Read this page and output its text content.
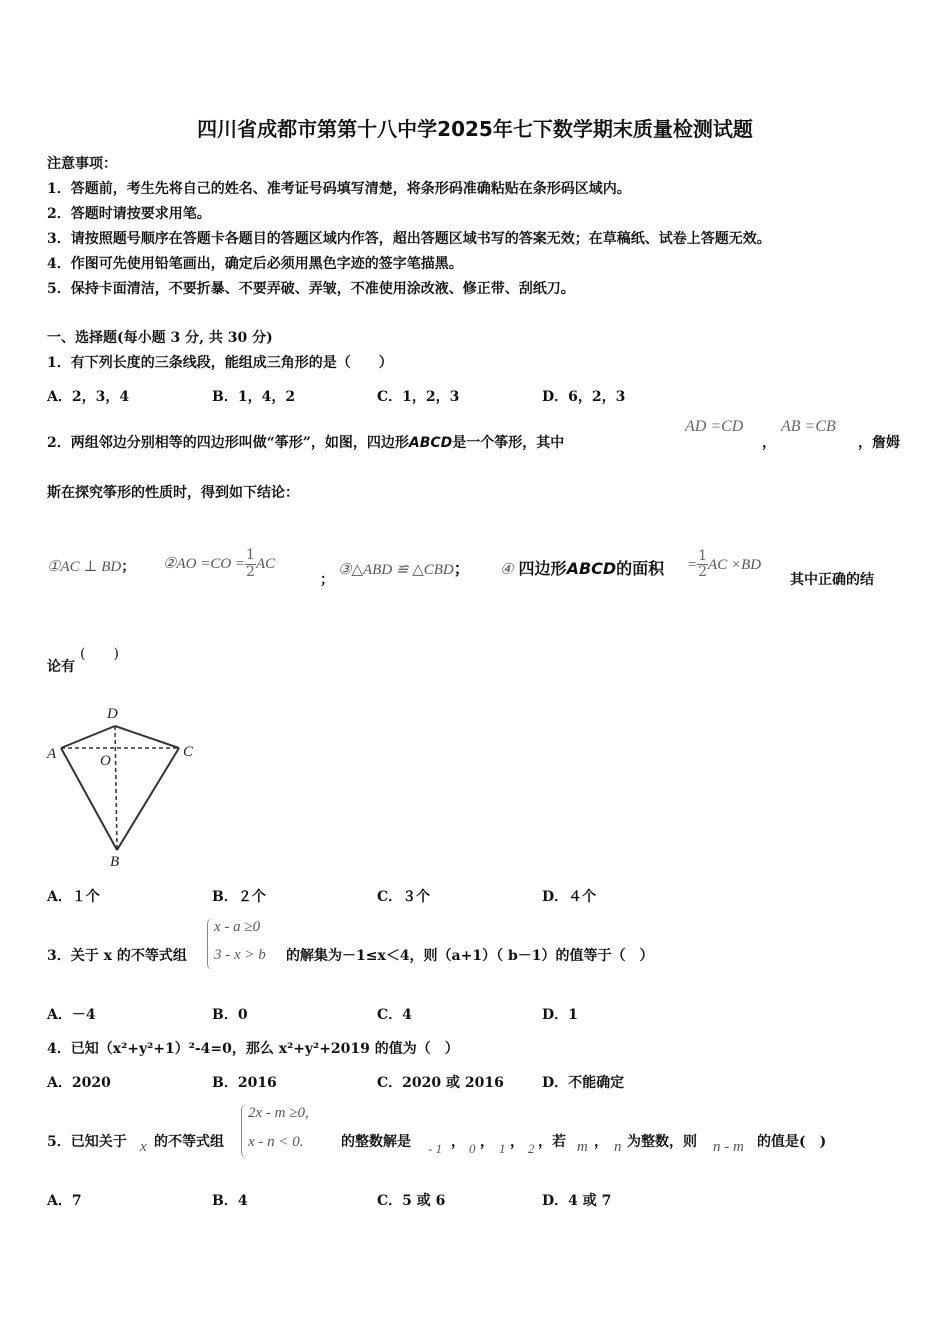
四川省成都市第第十八中学2025年七下数学期末质量检测试题
注意事项：
1．答题前，考生先将自己的姓名、准考证号码填写清楚，将条形码准确粘贴在条形码区域内。
2．答题时请按要求用笔。
3．请按照题号顺序在答题卡各题目的答题区域内作答，超出答题区域书写的答案无效；在草稿纸、试卷上答题无效。
4．作图可先使用铅笔画出，确定后必须用黑色字迹的签字笔描黑。
5．保持卡面清洁，不要折暴、不要弄破、弄皱，不准使用涂改液、修正带、刮纸刀。
一、选择题(每小题 3 分, 共 30 分)
1．有下列长度的三条线段，能组成三角形的是（　　）
A．2，3，4	B．1，4，2	C．1，2，3	D．6，2，3
2．两组邻边分别相等的四边形叫做“筝形”，如图，四边形ABCD是一个筝形，其中
AD =CD
，
AB =CB
，詹姆
斯在探究筝形的性质时，得到如下结论：
①AC ⊥ BD； ②AO $=CO = \frac{1}{2}$ AC
；
③△ABD ≌ △CBD； ④ 四边形ABCD的面积 = $\frac{1}{2}$ AC ×BD
其中正确的结
论有
(　　)
A
D
C
O
B
A．１个	B．２个	C．３个	D．４个
3．关于 x 的不等式组
x - a ≥0
3 - x > b 的解集为－1≤x＜4，则（a+1）（ b－1）的值等于（　）
A．－4	B．0	C．4	D．1
4．已知（x²+y²+1）²-4=0，那么 x²+y²+2019 的值为（　）
A．2020	B．2016	C．2020 或 2016	D．不能确定
5．已知关于 x 的不等式组
2x - m ≥0,
x - n < 0.	的整数解是 - 1 ， 0 ， 1 ， 2 ，若 m ， n 为整数，则 n - m 的值是(　)
A．7	B．4	C．5 或 6	D．4 或 7
